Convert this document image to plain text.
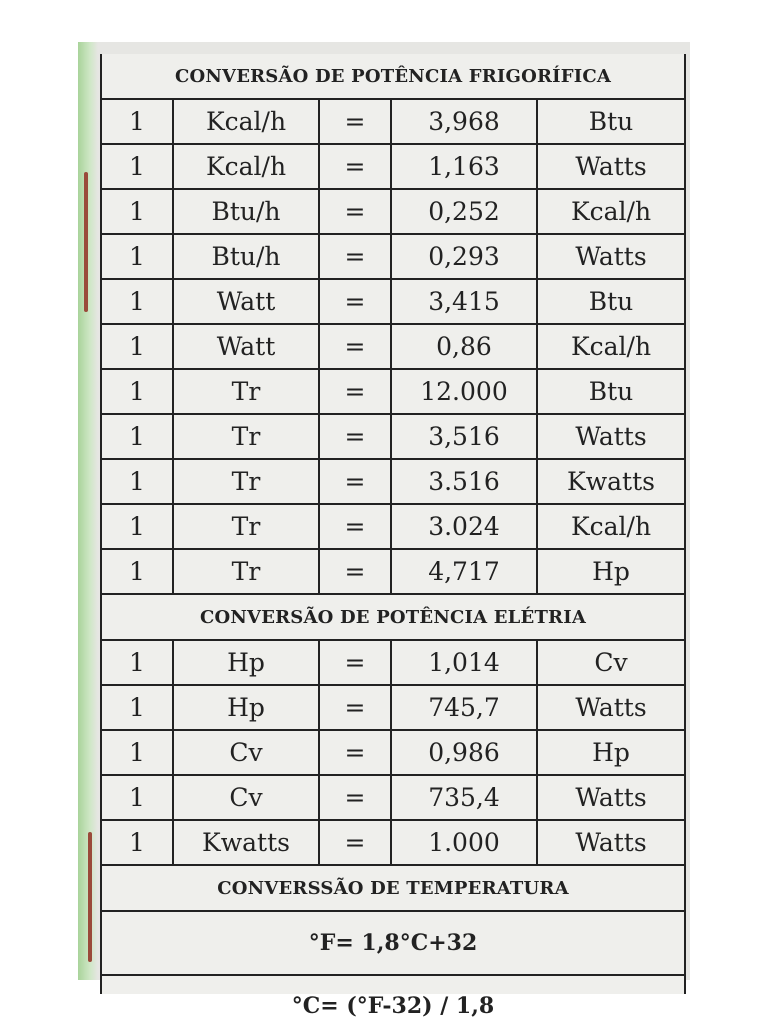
CONVERSÃO DE POTÊNCIA FRIGORÍFICA
1	Kcal/h	=	3,968	Btu
1	Kcal/h	=	1,163	Watts
1	Btu/h	=	0,252	Kcal/h
1	Btu/h	=	0,293	Watts
1	Watt	=	3,415	Btu
1	Watt	=	0,86	Kcal/h
1	Tr	=	12.000	Btu
1	Tr	=	3,516	Watts
1	Tr	=	3.516	Kwatts
1	Tr	=	3.024	Kcal/h
1	Tr	=	4,717	Hp
CONVERSÃO DE POTÊNCIA ELÉTRIA
1	Hp	=	1,014	Cv
1	Hp	=	745,7	Watts
1	Cv	=	0,986	Hp
1	Cv	=	735,4	Watts
1	Kwatts	=	1.000	Watts
CONVERSSÃO DE TEMPERATURA
°F= 1,8°C+32
°C= (°F-32) / 1,8
